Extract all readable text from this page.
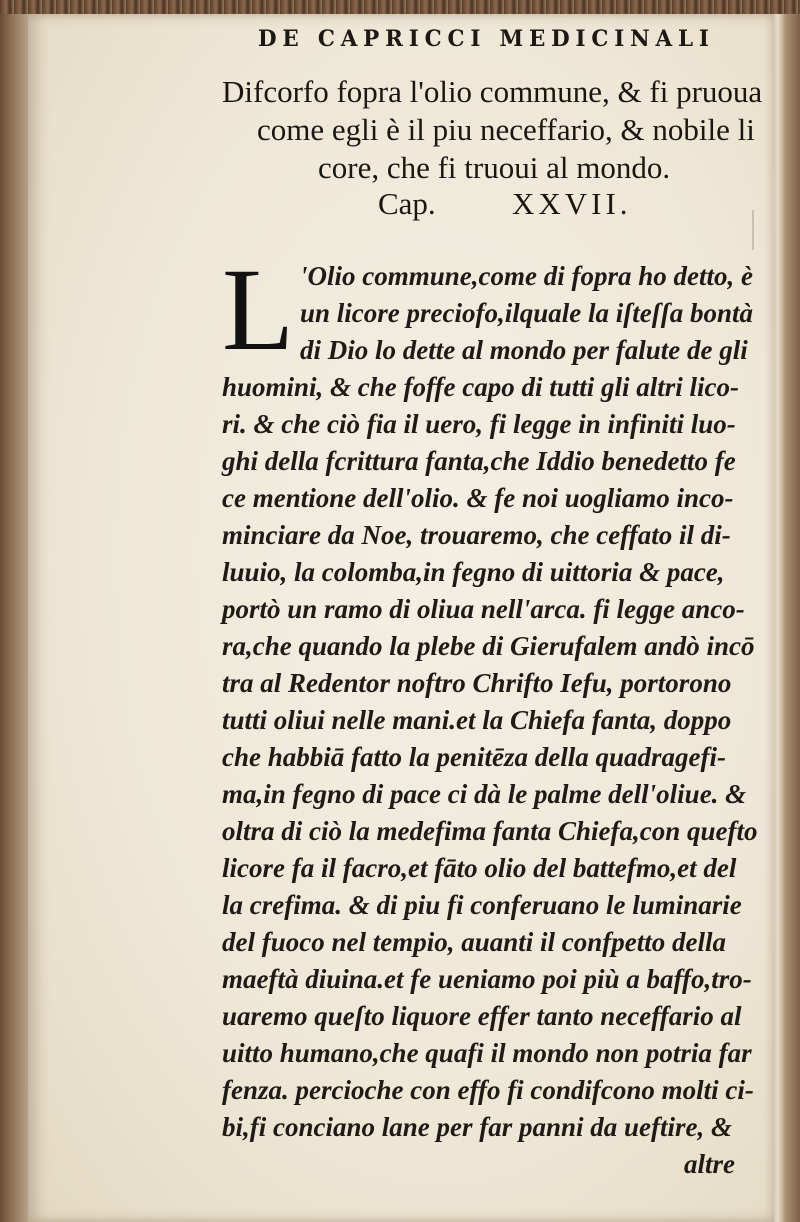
DE CAPRICCI MEDICINALI
Difcorfo fopra l'olio commune, & fi pruoua
come egli è il piu neceffario, & nobile li
core, che fi truoui al mondo.
Cap. XXVII.
L 'Olio commune,come di fopra ho detto, è
un licore preciofo,ilquale la iſteſſa bontà
di Dio lo dette al mondo per falute de gli
huomini, & che foffe capo di tutti gli altri lico-
ri. & che ciò fia il uero, fi legge in infiniti luo-
ghi della fcrittura fanta,che Iddio benedetto fe
ce mentione dell'olio. & fe noi uogliamo inco-
minciare da Noe, trouaremo, che ceffato il di-
luuio, la colomba,in fegno di uittoria & pace,
portò un ramo di oliua nell'arca. fi legge anco-
ra,che quando la plebe di Gierufalem andò incō
tra al Redentor noftro Chrifto Iefu, portorono
tutti oliui nelle mani.et la Chiefa fanta, doppo
che habbiā fatto la penitēza della quadragefi-
ma,in fegno di pace ci dà le palme dell'oliue. &
oltra di ciò la medefima fanta Chiefa,con quefto
licore fa il facro,et fāto olio del battefmo,et del
la crefima. & di piu fi conferuano le luminarie
del fuoco nel tempio, auanti il confpetto della
maeftà diuina.et fe ueniamo poi più a baffo,tro-
uaremo queſto liquore effer tanto neceffario al
uitto humano,che quafi il mondo non potria far
fenza. percioche con effo fi condifcono molti ci-
bi,fi conciano lane per far panni da ueftire, &
altre
